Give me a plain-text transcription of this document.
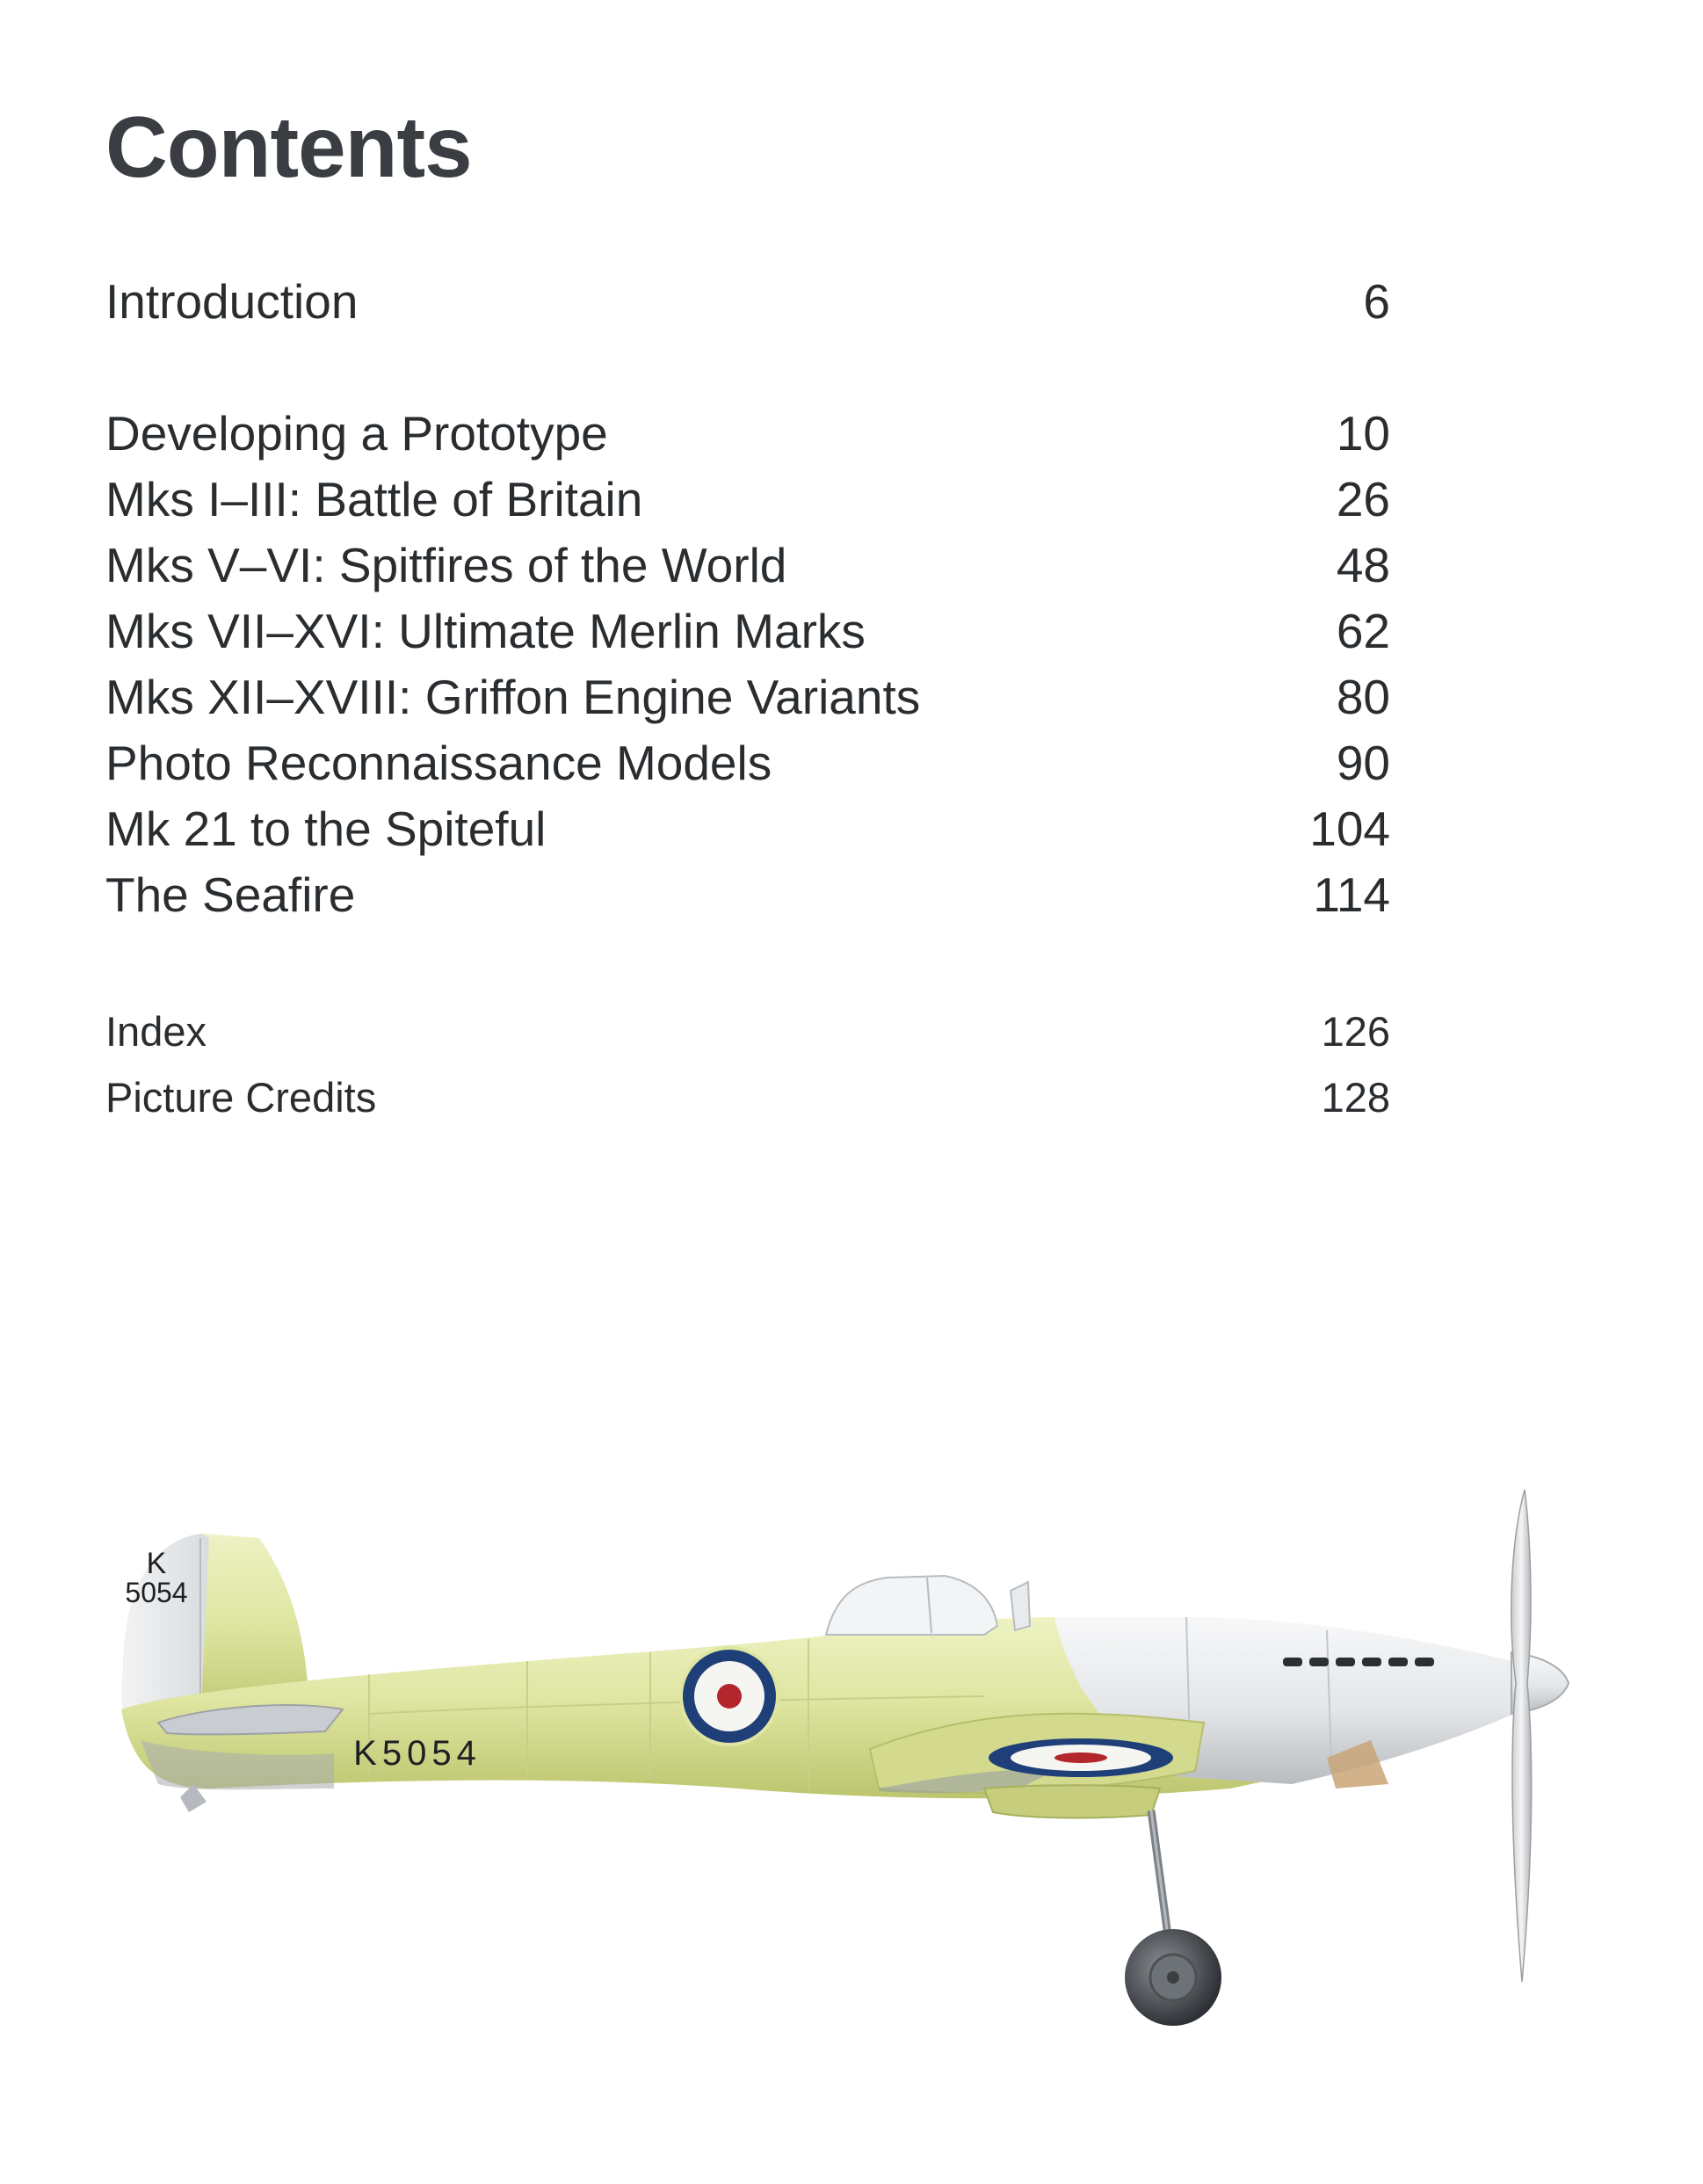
Contents
Introduction	6
Developing a Prototype	10
Mks I–III: Battle of Britain	26
Mks V–VI: Spitfires of the World	48
Mks VII–XVI: Ultimate Merlin Marks	62
Mks XII–XVIII: Griffon Engine Variants	80
Photo Reconnaissance Models	90
Mk 21 to the Spiteful	104
The Seafire	114
Index	126
Picture Credits	128
K
5054
K5054
